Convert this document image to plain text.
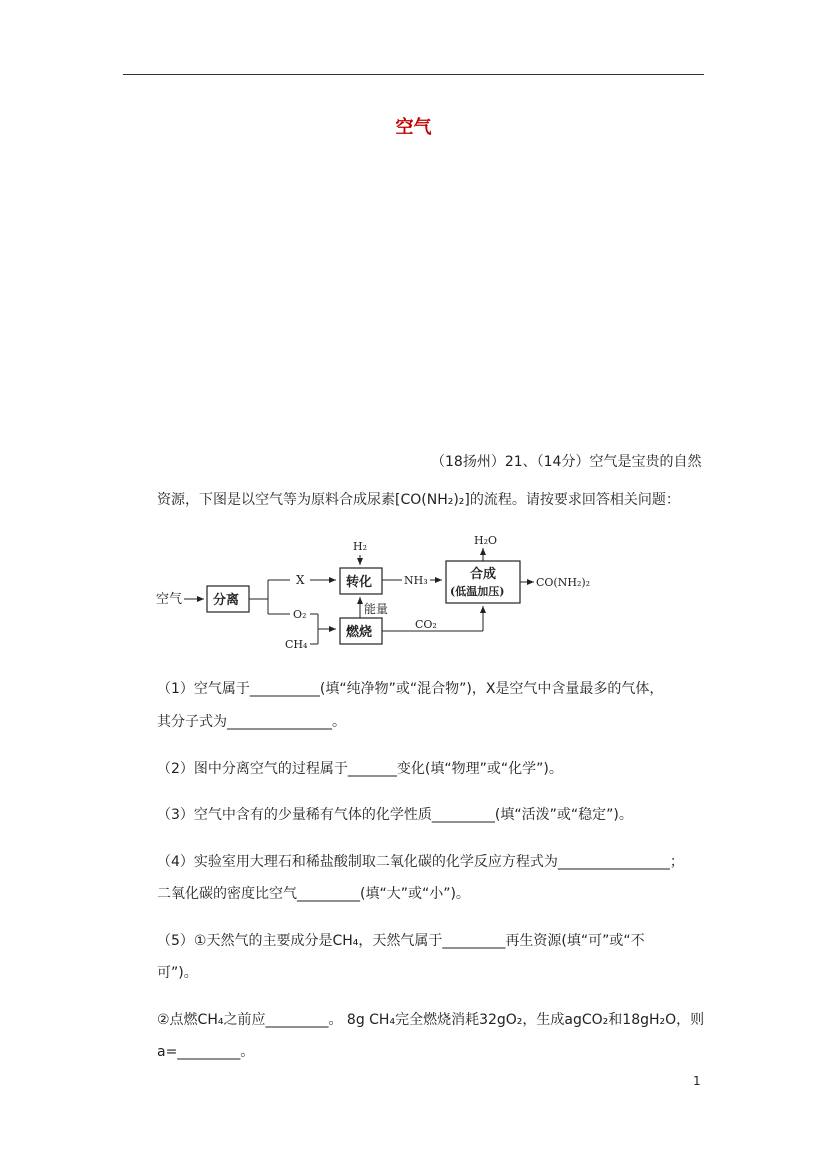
空气
（18扬州）21、（14分）空气是宝贵的自然
资源，下图是以空气等为原料合成尿素[CO(NH₂)₂]的流程。请按要求回答相关问题：
空气 分离
X
H₂
转化	NH₃
O₂
CH₄
燃烧
能量
CO₂
H₂O
合成
(低温加压)
CO(NH₂)₂
（1）空气属于__________(填“纯净物”或“混合物”)，X是空气中含量最多的气体，
其分子式为_______________。
（2）图中分离空气的过程属于_______变化(填“物理”或“化学”)。
（3）空气中含有的少量稀有气体的化学性质_________(填“活泼”或“稳定”)。
（4）实验室用大理石和稀盐酸制取二氧化碳的化学反应方程式为________________；
二氧化碳的密度比空气_________(填“大”或“小”)。
（5）①天然气的主要成分是CH₄，天然气属于_________再生资源(填“可”或“不
可”)。
②点燃CH₄之前应_________。 8g CH₄完全燃烧消耗32gO₂，生成agCO₂和18gH₂O，则
a=_________。
1
